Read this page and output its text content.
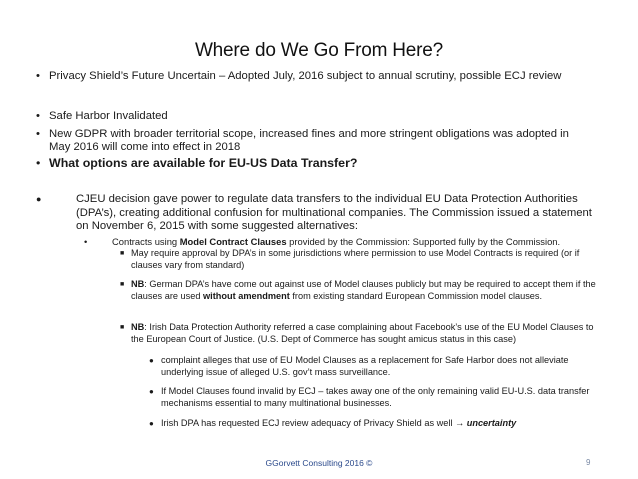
Where do We Go From Here?
• Privacy Shield’s Future Uncertain – Adopted July, 2016 subject to annual scrutiny, possible ECJ review
• Safe Harbor Invalidated
• New GDPR with broader territorial scope, increased fines and more stringent obligations was adopted in May 2016 will come into effect in 2018
• What options are available for EU-US Data Transfer?
●	CJEU decision gave power to regulate data transfers to the individual EU Data Protection Authorities (DPA’s), creating additional confusion for multinational companies. The Commission issued a statement on November 6, 2015 with some suggested alternatives:
•	Contracts using Model Contract Clauses provided by the Commission: Supported fully by the Commission.
■ May require approval by DPA’s in some jurisdictions where permission to use Model Contracts is required (or if clauses vary from standard)
■ NB: German DPA’s have come out against use of Model clauses publicly but may be required to accept them if the clauses are used without amendment from existing standard European Commission model clauses.
■ NB: Irish Data Protection Authority referred a case complaining about Facebook’s use of the EU Model Clauses to the European Court of Justice. (U.S. Dept of Commerce has sought amicus status in this case)
● complaint alleges that use of EU Model Clauses as a replacement for Safe Harbor does not alleviate underlying issue of alleged U.S. gov’t mass surveillance.
● If Model Clauses found invalid by ECJ – takes away one of the only remaining valid EU-U.S. data transfer mechanisms essential to many multinational businesses.
● Irish DPA has requested ECJ review adequacy of Privacy Shield as well → uncertainty
GGorvett Consulting 2016 ©	9
